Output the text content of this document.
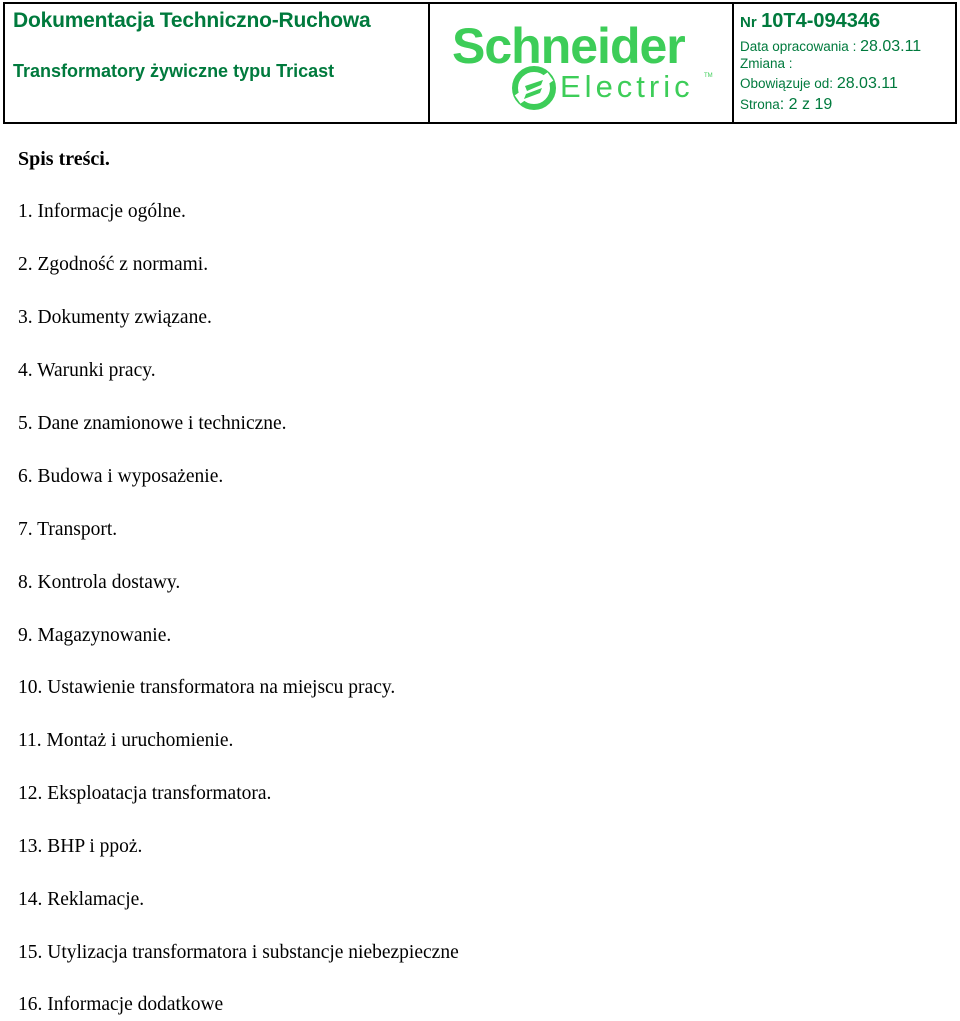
Dokumentacja Techniczno-Ruchowa
Transformatory żywiczne typu Tricast Schneider
Electric TM
Nr 10T4-094346
Data opracowania : 28.03.11
Zmiana :
Obowiązuje od: 28.03.11
Strona: 2 z 19
Spis treści.
1. Informacje ogólne.
2. Zgodność z normami.
3. Dokumenty związane.
4. Warunki pracy.
5. Dane znamionowe i techniczne.
6. Budowa i wyposażenie.
7. Transport.
8. Kontrola dostawy.
9. Magazynowanie.
10. Ustawienie transformatora na miejscu pracy.
11. Montaż i uruchomienie.
12. Eksploatacja transformatora.
13. BHP i ppoż.
14. Reklamacje.
15. Utylizacja transformatora i substancje niebezpieczne
16. Informacje dodatkowe
